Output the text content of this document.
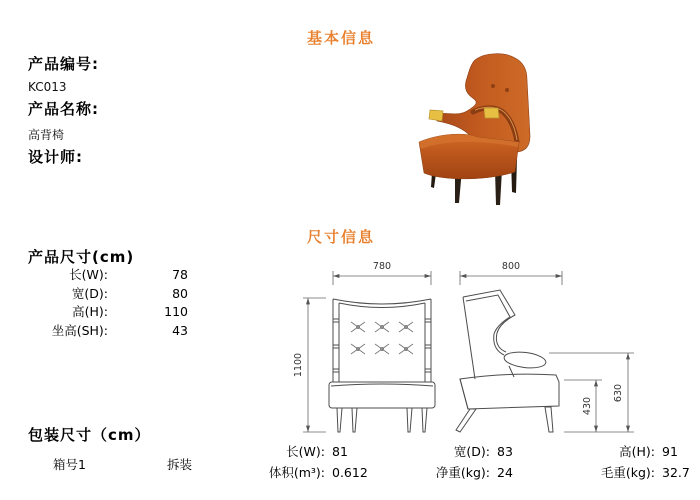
基本信息
产品编号:
KC013
产品名称:
高背椅
设计师:
尺寸信息
产品尺寸(cm)
长(W):	78
宽(D):	80
高(H):	110
坐高(SH):	43
780
1100
800
430
630
包装尺寸（cm）
箱号1	拆装
长(W): 81	宽(D): 83	高(H): 91
体积(m³): 0.612	净重(kg): 24	毛重(kg): 32.7
